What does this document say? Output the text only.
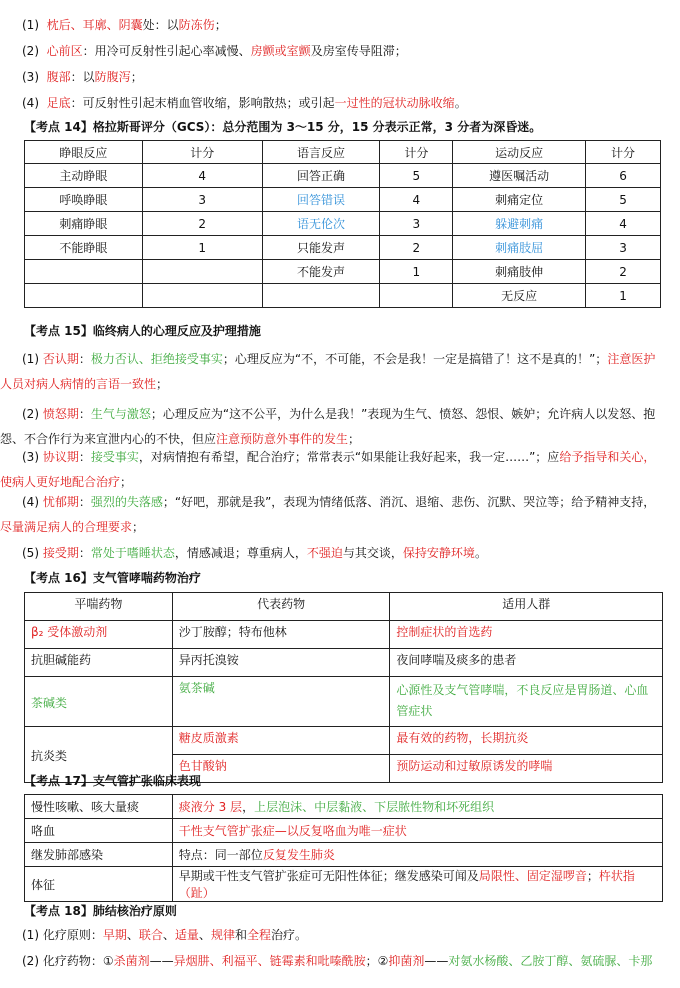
(1) 枕后、耳廓、阴囊处：以防冻伤；
(2) 心前区：用冷可反射性引起心率减慢、房颤或室颤及房室传导阻滞；
(3) 腹部：以防腹泻；
(4) 足底：可反射性引起末梢血管收缩，影响散热；或引起一过性的冠状动脉收缩。
【考点 14】格拉斯哥评分（GCS）：总分范围为 3～15 分，15 分表示正常，3 分者为深昏迷。
睁眼反应	计分	语言反应	计分	运动反应	计分
主动睁眼	4	回答正确	5	遵医嘱活动	6
呼唤睁眼	3	回答错误	4	刺痛定位	5
刺痛睁眼	2	语无伦次	3	躲避刺痛	4
不能睁眼	1	只能发声	2	刺痛肢屈	3
		不能发声	1	刺痛肢伸	2
				无反应	1
【考点 15】临终病人的心理反应及护理措施
(1) 否认期：极力否认、拒绝接受事实；心理反应为“不，不可能，不会是我！一定是搞错了！这不是真的！”；注意医护
人员对病人病情的言语一致性；
(2) 愤怒期：生气与激怒；心理反应为“这不公平，为什么是我！”表现为生气、愤怒、怨恨、嫉妒；允许病人以发怒、抱
怨、不合作行为来宣泄内心的不快，但应注意预防意外事件的发生；
(3) 协议期：接受事实，对病情抱有希望，配合治疗；常常表示“如果能让我好起来，我一定……”；应给予指导和关心，
使病人更好地配合治疗；
(4) 忧郁期：强烈的失落感；“好吧，那就是我”，表现为情绪低落、消沉、退缩、悲伤、沉默、哭泣等；给予精神支持，
尽量满足病人的合理要求；
(5) 接受期：常处于嗜睡状态，情感减退；尊重病人，不强迫与其交谈，保持安静环境。
【考点 16】支气管哮喘药物治疗
平喘药物	代表药物	适用人群
β₂ 受体激动剂	沙丁胺醇；特布他林	控制症状的首选药
抗胆碱能药	异丙托溴铵	夜间哮喘及痰多的患者
茶碱类	氨茶碱	心源性及支气管哮喘，不良反应是胃肠道、心血管症状
抗炎类	糖皮质激素	最有效的药物，长期抗炎
	色甘酸钠	预防运动和过敏原诱发的哮喘
【考点 17】支气管扩张临床表现
慢性咳嗽、咳大量痰	痰液分 3 层，上层泡沫、中层黏液、下层脓性物和坏死组织
咯血	干性支气管扩张症—以反复咯血为唯一症状
继发肺部感染	特点：同一部位反复发生肺炎
体征	早期或干性支气管扩张症可无阳性体征；继发感染可闻及局限性、固定湿啰音；杵状指（趾）
【考点 18】肺结核治疗原则
(1) 化疗原则：早期、联合、适量、规律和全程治疗。
(2) 化疗药物：①杀菌剂——异烟肼、利福平、链霉素和吡嗪酰胺；②抑菌剂——对氨水杨酸、乙胺丁醇、氨硫脲、卡那
